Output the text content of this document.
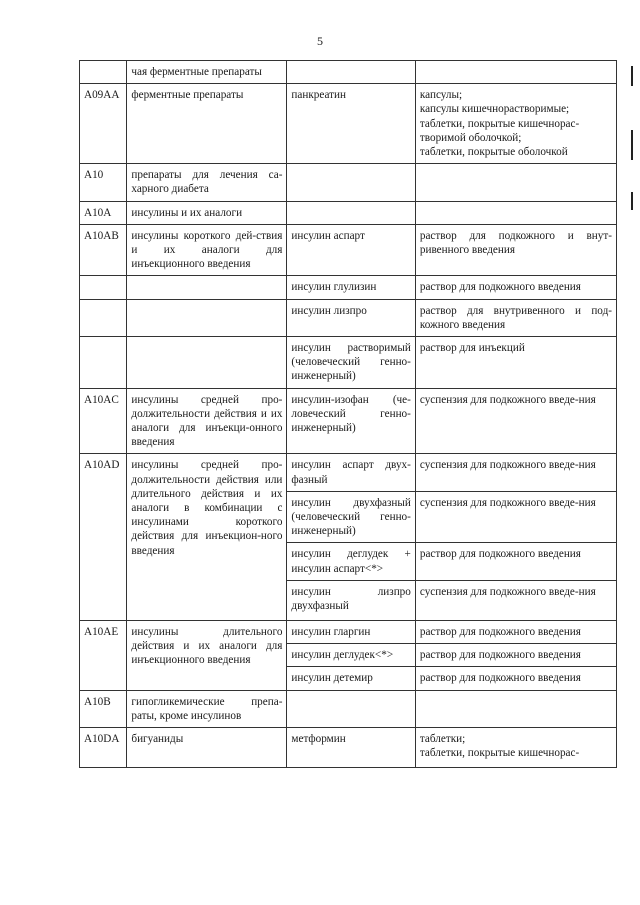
5
	чая ферментные препараты		
A09AA	ферментные препараты	панкреатин	капсулы;
капсулы кишечнорастворимые;
таблетки, покрытые кишечнорас-
творимой оболочкой;
таблетки, покрытые оболочкой

A10	препараты для лечения са-харного диабета		
A10A	инсулины и их аналоги		
A10AB	инсулины короткого дей-ствия и их аналоги для инъекционного введения	инсулин аспарт	раствор для подкожного и внут-ривенного введения
		инсулин глулизин	раствор для подкожного введения
		инсулин лизпро	раствор для внутривенного и под-кожного введения
		инсулин растворимый (человеческий генно-инженерный)	раствор для инъекций
A10AC	инсулины средней про-должительности действия и их аналоги для инъекци-онного введения	инсулин-изофан (че-ловеческий генно-инженерный)	суспензия для подкожного введе-ния
A10AD	инсулины средней про-должительности действия или длительного действия и их аналоги в комбинации с инсулинами короткого действия для инъекцион-ного введения	инсулин аспарт двух-фазный	суспензия для подкожного введе-ния
		инсулин двухфазный (человеческий генно-инженерный)	суспензия для подкожного введе-ния
		инсулин деглудек + инсулин аспарт<*>	раствор для подкожного введения
		инсулин лизпро двухфазный	суспензия для подкожного введе-ния
A10AE	инсулины длительного действия и их аналоги для инъекционного введения	инсулин гларгин	раствор для подкожного введения
		инсулин деглудек<*>	раствор для подкожного введения
		инсулин детемир	раствор для подкожного введения
A10B	гипогликемические препа-раты, кроме инсулинов		
A10DA	бигуаниды	метформин	таблетки;
таблетки, покрытые кишечнорас-
